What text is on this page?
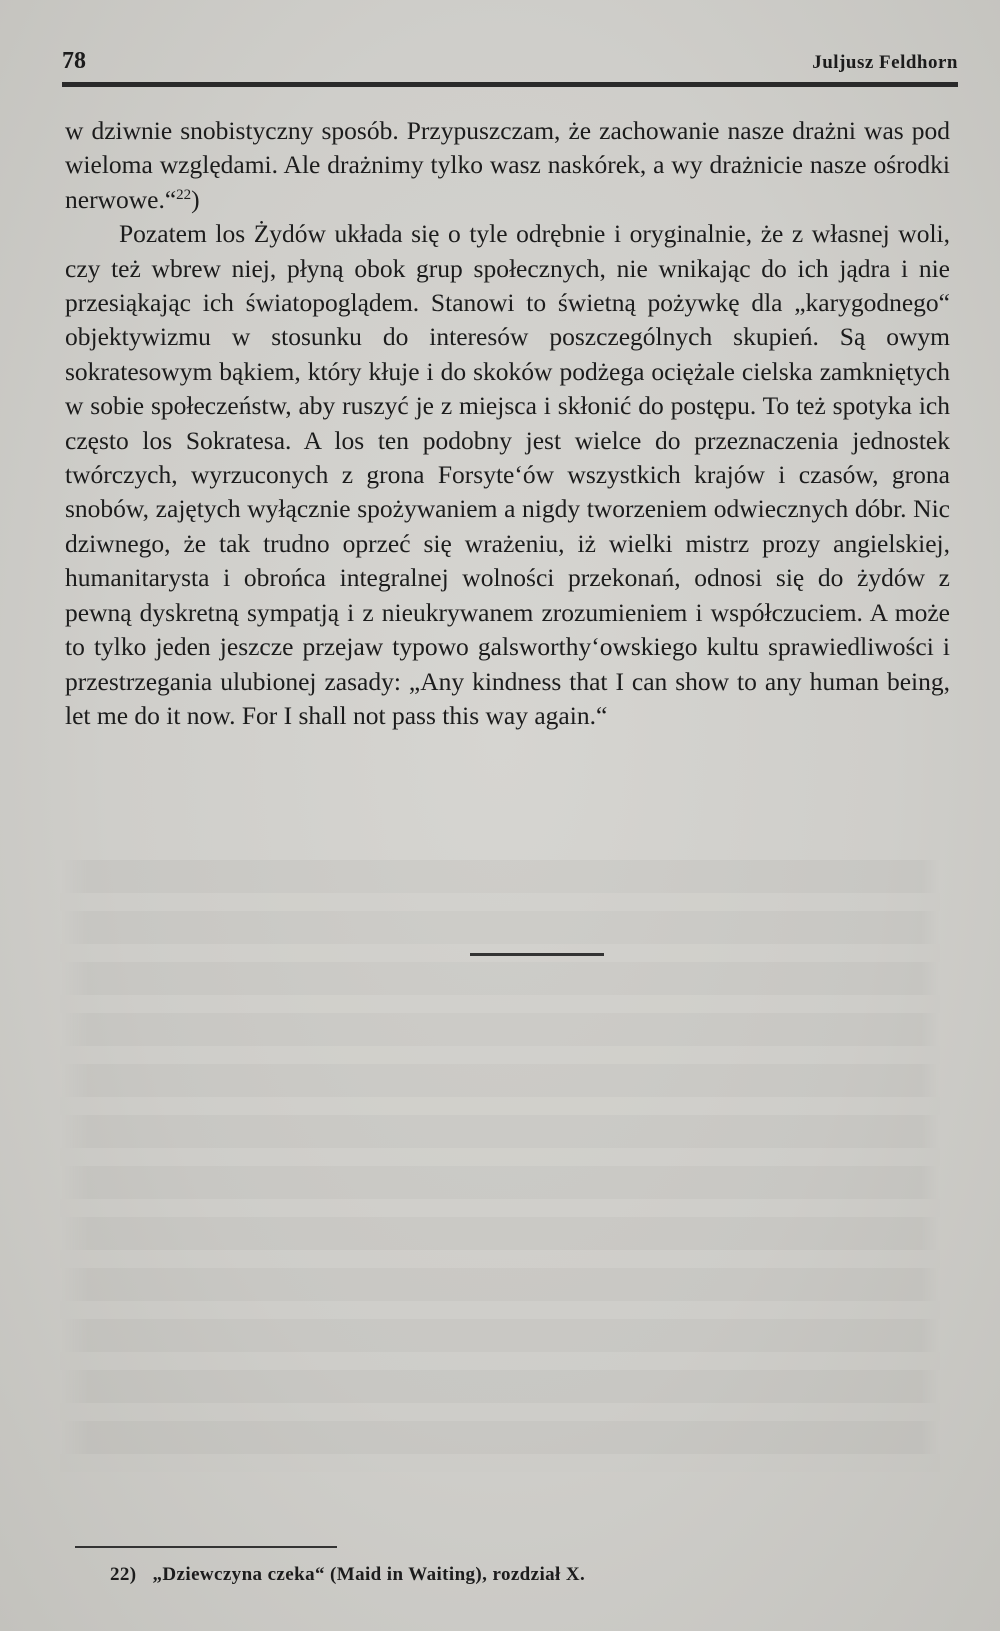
78	Juljusz Feldhorn

w dziwnie snobistyczny sposób. Przypuszczam, że zachowanie nasze drażni was pod wieloma względami. Ale drażnimy tylko wasz naskórek, a wy drażnicie nasze ośrodki nerwowe.“$^{22}$)

Pozatem los Żydów układa się o tyle odrębnie i oryginalnie, że z własnej woli, czy też wbrew niej, płyną obok grup społecznych, nie wnikając do ich jądra i nie przesiąkając ich światopoglądem. Stanowi to świetną pożywkę dla „karygodnego“ objektywizmu w stosunku do interesów poszczególnych skupień. Są owym sokratesowym bąkiem, który kłuje i do skoków podżega ociężale cielska zamkniętych w sobie społeczeństw, aby ruszyć je z miejsca i skłonić do postępu. To też spotyka ich często los Sokratesa. A los ten podobny jest wielce do przeznaczenia jednostek twórczych, wyrzuconych z grona Forsyte‘ów wszystkich krajów i czasów, grona snobów, zajętych wyłącznie spożywaniem a nigdy tworzeniem odwiecznych dóbr. Nic dziwnego, że tak trudno oprzeć się wrażeniu, iż wielki mistrz prozy angielskiej, humanitarysta i obrońca integralnej wolności przekonań, odnosi się do żydów z pewną dyskretną sympatją i z nieukrywanem zrozumieniem i współczuciem. A może to tylko jeden jeszcze przejaw typowo galsworthy‘owskiego kultu sprawiedliwości i przestrzegania ulubionej zasady: „Any kindness that I can show to any human being, let me do it now. For I shall not pass this way again.“

22) „Dziewczyna czeka“ (Maid in Waiting), rozdział X.
